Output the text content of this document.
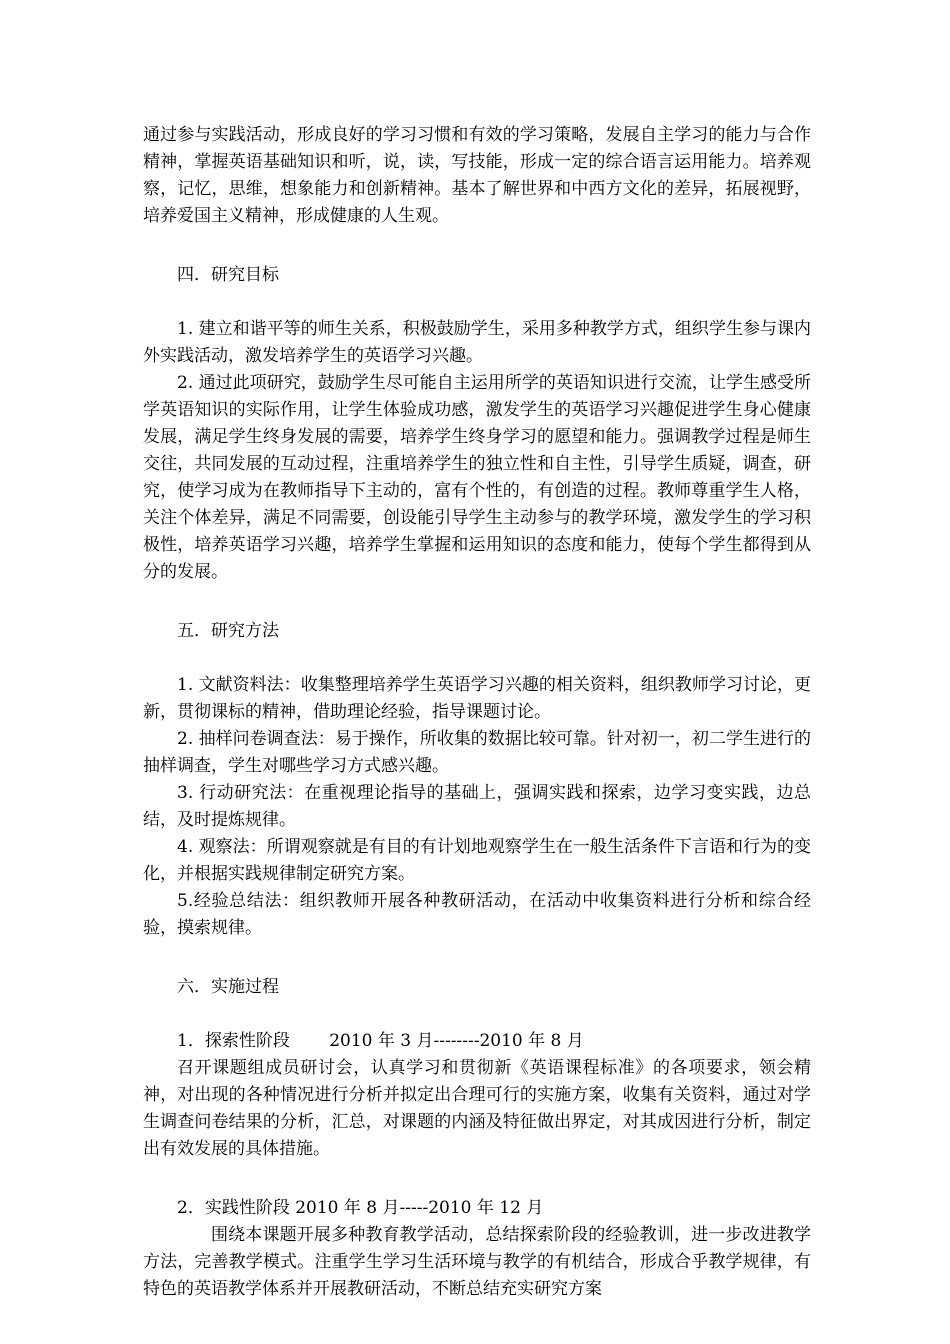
通过参与实践活动，形成良好的学习习惯和有效的学习策略，发展自主学习的能力与合作精神，掌握英语基础知识和听，说，读，写技能，形成一定的综合语言运用能力。培养观察，记忆，思维，想象能力和创新精神。基本了解世界和中西方文化的差异，拓展视野，培养爱国主义精神，形成健康的人生观。

四．研究目标

1. 建立和谐平等的师生关系，积极鼓励学生，采用多种教学方式，组织学生参与课内外实践活动，激发培养学生的英语学习兴趣。

2. 通过此项研究，鼓励学生尽可能自主运用所学的英语知识进行交流，让学生感受所学英语知识的实际作用，让学生体验成功感，激发学生的英语学习兴趣促进学生身心健康发展，满足学生终身发展的需要，培养学生终身学习的愿望和能力。强调教学过程是师生交往，共同发展的互动过程，注重培养学生的独立性和自主性，引导学生质疑，调查，研究，使学习成为在教师指导下主动的，富有个性的，有创造的过程。教师尊重学生人格，关注个体差异，满足不同需要，创设能引导学生主动参与的教学环境，激发学生的学习积极性，培养英语学习兴趣，培养学生掌握和运用知识的态度和能力，使每个学生都得到从分的发展。

五．研究方法

1. 文献资料法：收集整理培养学生英语学习兴趣的相关资料，组织教师学习讨论，更新，贯彻课标的精神，借助理论经验，指导课题讨论。

2. 抽样问卷调查法：易于操作，所收集的数据比较可靠。针对初一，初二学生进行的抽样调查，学生对哪些学习方式感兴趣。

3. 行动研究法：在重视理论指导的基础上，强调实践和探索，边学习变实践，边总结，及时提炼规律。

4. 观察法：所谓观察就是有目的有计划地观察学生在一般生活条件下言语和行为的变化，并根据实践规律制定研究方案。

5.经验总结法：组织教师开展各种教研活动，在活动中收集资料进行分析和综合经验，摸索规律。

六．实施过程

1．探索性阶段　　 2010 年 3 月--------2010 年 8 月

召开课题组成员研讨会，认真学习和贯彻新《英语课程标准》的各项要求，领会精神，对出现的各种情况进行分析并拟定出合理可行的实施方案，收集有关资料，通过对学生调查问卷结果的分析，汇总，对课题的内涵及特征做出界定，对其成因进行分析，制定出有效发展的具体措施。

2．实践性阶段 2010 年 8 月-----2010 年 12 月

围绕本课题开展多种教育教学活动，总结探索阶段的经验教训，进一步改进教学方法，完善教学模式。注重学生学习生活环境与教学的有机结合，形成合乎教学规律，有特色的英语教学体系并开展教研活动，不断总结充实研究方案
